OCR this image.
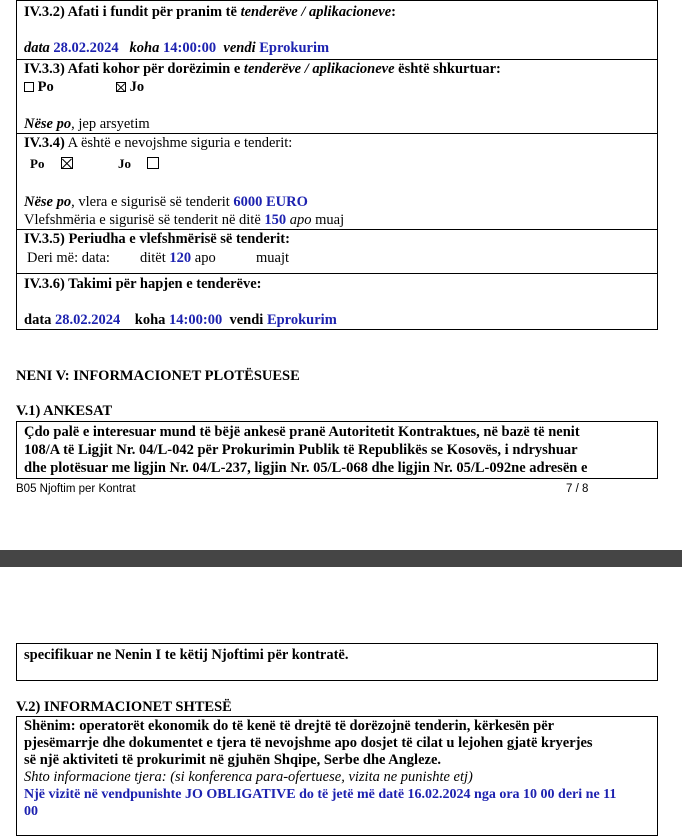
IV.3.2) Afati i fundit për pranim të tenderëve / aplikacioneve:
data 28.02.2024 koha 14:00:00 vendi Eprokurim
IV.3.3) Afati kohor për dorëzimin e tenderëve / aplikacioneve është shkurtuar:
Po	Jo
Nëse po, jep arsyetim
IV.3.4) A është e nevojshme siguria e tenderit:
Po	Jo
Nëse po, vlera e sigurisë së tenderit 6000 EURO
Vlefshmëria e sigurisë së tenderit në ditë 150 apo muaj
IV.3.5) Periudha e vlefshmërisë së tenderit:
Deri më: data: ditët 120 apo	muajt
IV.3.6) Takimi për hapjen e tenderëve:
data 28.02.2024 koha 14:00:00 vendi Eprokurim
NENI V: INFORMACIONET PLOTËSUESE
V.1) ANKESAT
Çdo palë e interesuar mund të bëjë ankesë pranë Autoritetit Kontraktues, në bazë të nenit
108/A të Ligjit Nr. 04/L-042 për Prokurimin Publik të Republikës se Kosovës, i ndryshuar
dhe plotësuar me ligjin Nr. 04/L-237, ligjin Nr. 05/L-068 dhe ligjin Nr. 05/L-092ne adresën e
B05 Njoftim per Kontrat	7 / 8
specifikuar ne Nenin I te këtij Njoftimi për kontratë.
V.2) INFORMACIONET SHTESË
Shënim: operatorët ekonomik do të kenë të drejtë të dorëzojnë tenderin, kërkesën për
pjesëmarrje dhe dokumentet e tjera të nevojshme apo dosjet të cilat u lejohen gjatë kryerjes
së një aktiviteti të prokurimit në gjuhën Shqipe, Serbe dhe Angleze.
Shto informacione tjera: (si konferenca para-ofertuese, vizita ne punishte etj)
Një vizitë në vendpunishte JO OBLIGATIVE do të jetë më datë 16.02.2024 nga ora 10 00 deri ne 11
00
